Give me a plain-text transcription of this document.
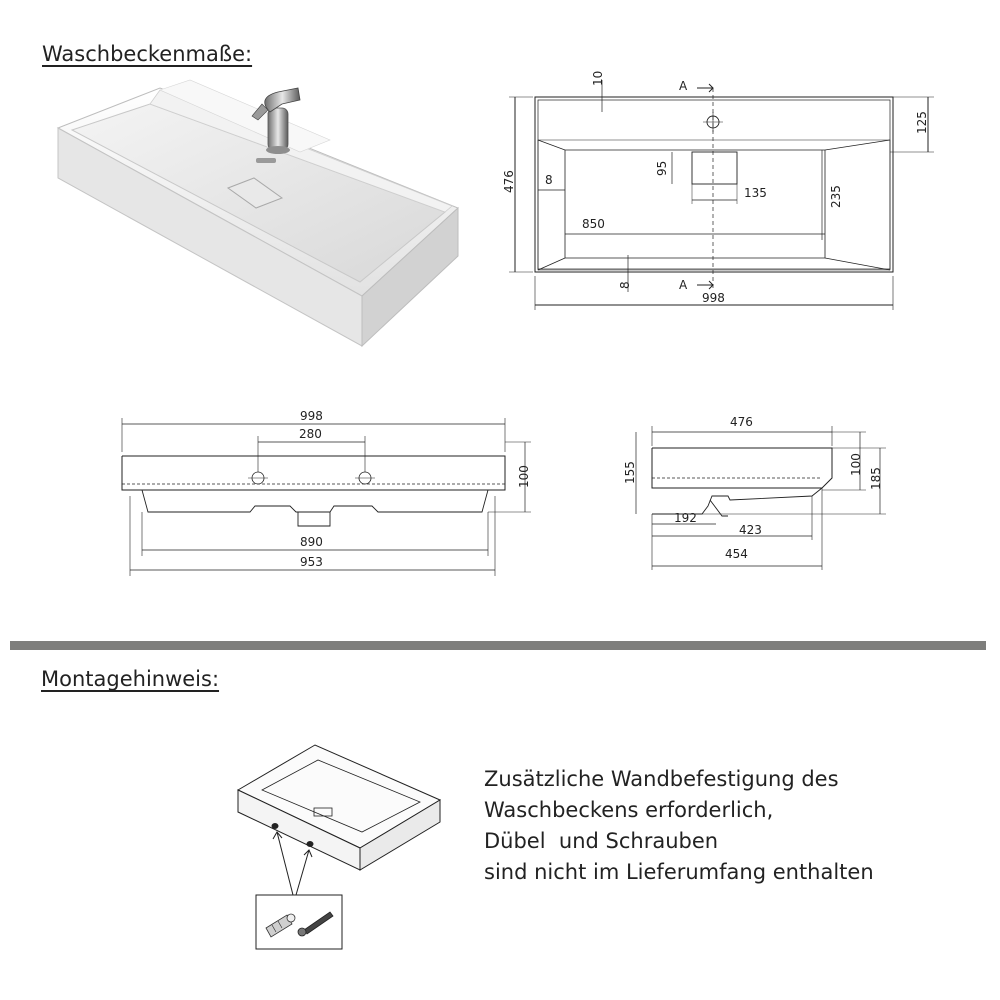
Waschbeckenmaße:
10	A
A
476 8
95
135
850
235
8
998
125
998
280
100
890
953
476
155	100
185
192
423
454
Montagehinweis:
Zusätzliche Wandbefestigung des
Waschbeckens erforderlich,
Dübel  und Schrauben
sind nicht im Lieferumfang enthalten
